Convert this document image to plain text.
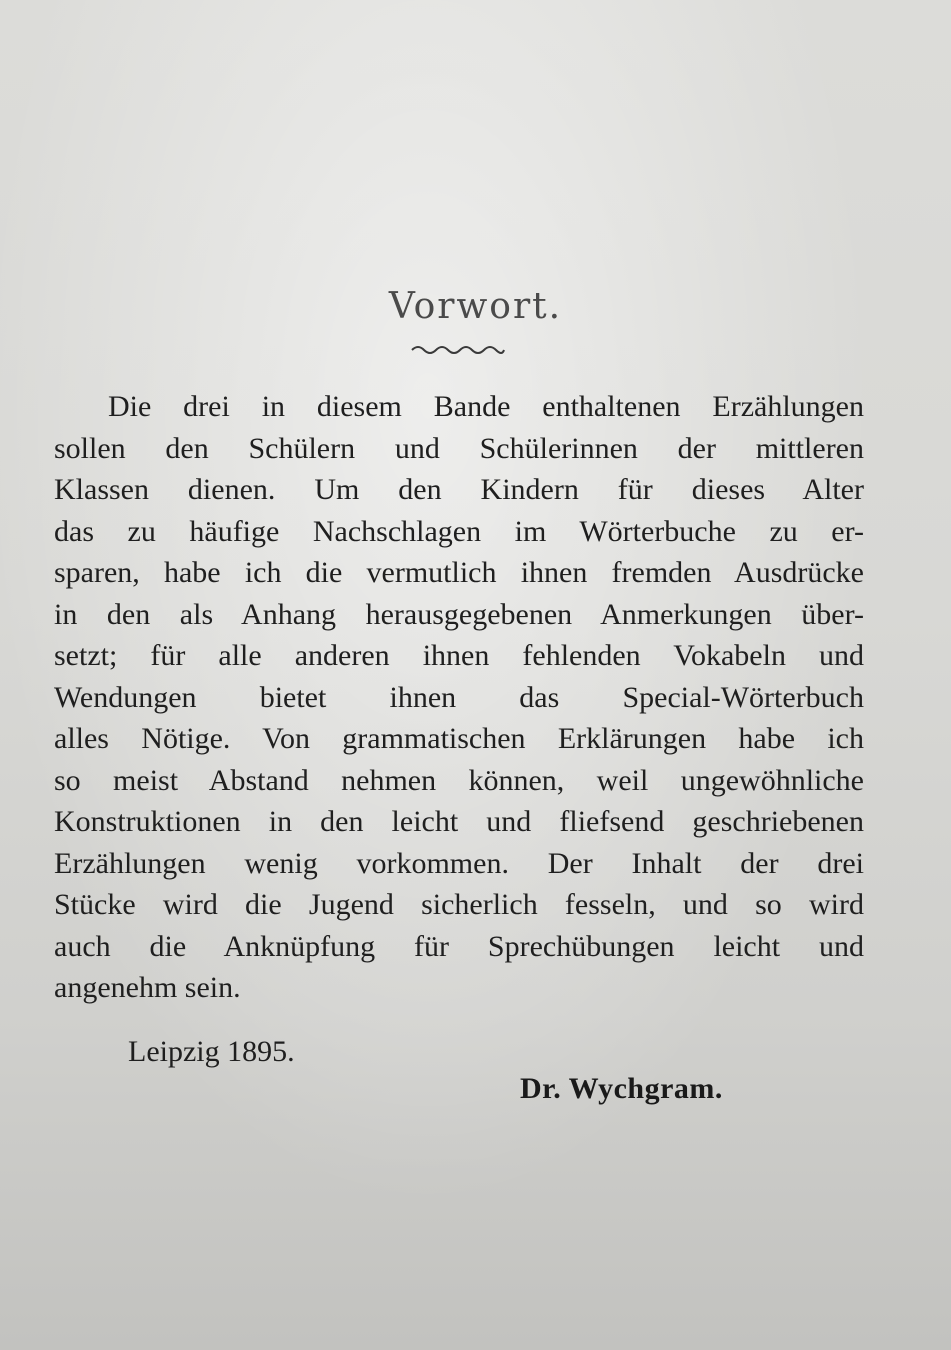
Vorwort.

Die drei in diesem Bande enthaltenen Erzählungen
sollen den Schülern und Schülerinnen der mittleren
Klassen dienen. Um den Kindern für dieses Alter
das zu häufige Nachschlagen im Wörterbuche zu er-
sparen, habe ich die vermutlich ihnen fremden Ausdrücke
in den als Anhang herausgegebenen Anmerkungen über-
setzt; für alle anderen ihnen fehlenden Vokabeln und
Wendungen bietet ihnen das Special-Wörterbuch
alles Nötige. Von grammatischen Erklärungen habe ich
so meist Abstand nehmen können, weil ungewöhnliche
Konstruktionen in den leicht und fliefsend geschriebenen
Erzählungen wenig vorkommen. Der Inhalt der drei
Stücke wird die Jugend sicherlich fesseln, und so wird
auch die Anknüpfung für Sprechübungen leicht und
angenehm sein.

Leipzig 1895.

Dr. Wychgram.
